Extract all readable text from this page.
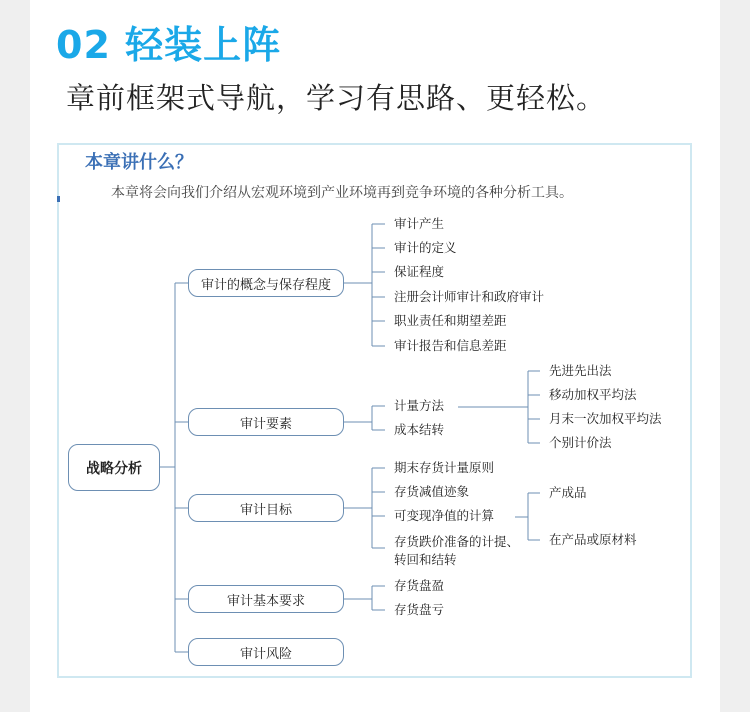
02 轻装上阵
章前框架式导航，学习有思路、更轻松。
本章讲什么？
本章将会向我们介绍从宏观环境到产业环境再到竞争环境的各种分析工具。
战略分析
审计的概念与保存程度
审计要素
审计目标
审计基本要求
审计风险
审计产生
审计的定义
保证程度
注册会计师审计和政府审计
职业责任和期望差距
审计报告和信息差距
计量方法
成本结转
先进先出法
移动加权平均法
月末一次加权平均法
个别计价法
期末存货计量原则
存货减值迹象
可变现净值的计算
存货跌价准备的计提、
转回和结转
产成品
在产品或原材料
存货盘盈
存货盘亏
